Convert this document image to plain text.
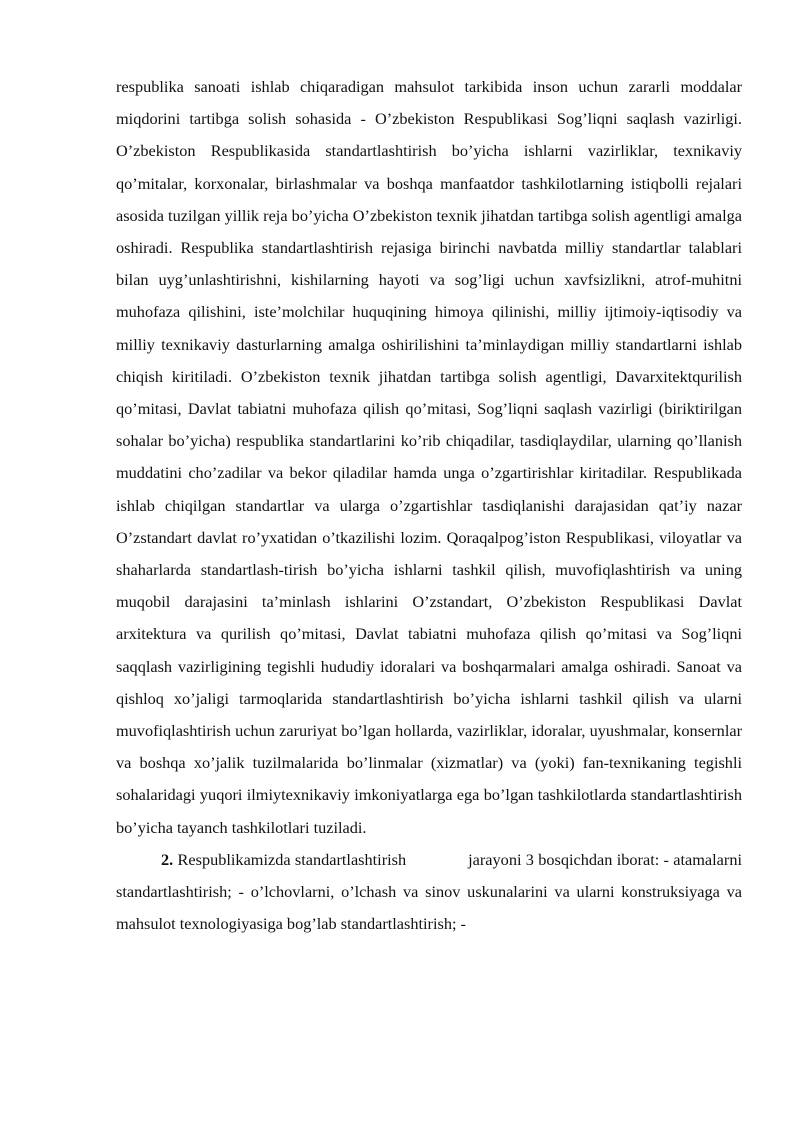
respublika sanoati ishlab chiqaradigan mahsulot tarkibida inson uchun zararli moddalar miqdorini tartibga solish sohasida - O’zbekiston Respublikasi Sog’liqni saqlash vazirligi. O’zbekiston Respublikasida standartlashtirish bo’yicha ishlarni vazirliklar, texnikaviy qo’mitalar, korxonalar, birlashmalar va boshqa manfaatdor tashkilotlarning istiqbolli rejalari asosida tuzilgan yillik reja bo’yicha O’zbekiston texnik jihatdan tartibga solish agentligi amalga oshiradi. Respublika standartlashtirish rejasiga birinchi navbatda milliy standartlar talablari bilan uyg’unlashtirishni, kishilarning hayoti va sog’ligi uchun xavfsizlikni, atrof-muhitni muhofaza qilishini, iste’molchilar huquqining himoya qilinishi, milliy ijtimoiy-iqtisodiy va milliy texnikaviy dasturlarning amalga oshirilishini ta’minlaydigan milliy standartlarni ishlab chiqish kiritiladi. O’zbekiston texnik jihatdan tartibga solish agentligi, Davarxitektqurilish qo’mitasi, Davlat tabiatni muhofaza qilish qo’mitasi, Sog’liqni saqlash vazirligi (biriktirilgan sohalar bo’yicha) respublika standartlarini ko’rib chiqadilar, tasdiqlaydilar, ularning qo’llanish muddatini cho’zadilar va bekor qiladilar hamda unga o’zgartirishlar kiritadilar. Respublikada ishlab chiqilgan standartlar va ularga o’zgartishlar tasdiqlanishi darajasidan qat’iy nazar O’zstandart davlat ro’yxatidan o’tkazilishi lozim. Qoraqalpog’iston Respublikasi, viloyatlar va shaharlarda standartlash-tirish bo’yicha ishlarni tashkil qilish, muvofiqlashtirish va uning muqobil darajasini ta’minlash ishlarini O’zstandart, O’zbekiston Respublikasi Davlat arxitektura va qurilish qo’mitasi, Davlat tabiatni muhofaza qilish qo’mitasi va Sog’liqni saqqlash vazirligining tegishli hududiy idoralari va boshqarmalari amalga oshiradi. Sanoat va qishloq xo’jaligi tarmoqlarida standartlashtirish bo’yicha ishlarni tashkil qilish va ularni muvofiqlashtirish uchun zaruriyat bo’lgan hollarda, vazirliklar, idoralar, uyushmalar, konsernlar va boshqa xo’jalik tuzilmalarida bo’linmalar (xizmatlar) va (yoki) fan-texnikaning tegishli sohalaridagi yuqori ilmiytexnikaviy imkoniyatlarga ega bo’lgan tashkilotlarda standartlashtirish bo’yicha tayanch tashkilotlari tuziladi.

2. Respublikamizda standartlashtirish	jarayoni 3 bosqichdan iborat: - atamalarni standartlashtirish; - o’lchovlarni, o’lchash va sinov uskunalarini va ularni konstruksiyaga va mahsulot texnologiyasiga bog’lab standartlashtirish; -
